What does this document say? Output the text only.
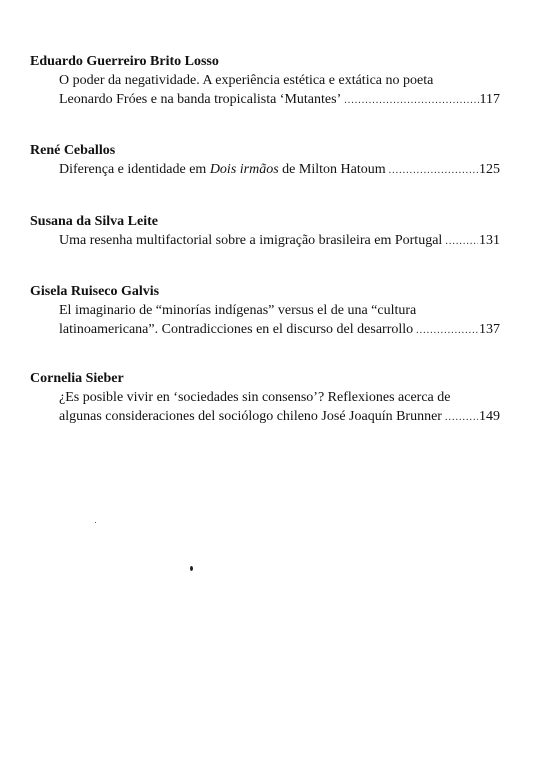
Eduardo Guerreiro Brito Losso
O poder da negatividade. A experiência estética e extática no poeta
Leonardo Fróes e na banda tropicalista ‘Mutantes’ .....	117
René Ceballos
Diferença e identidade em Dois irmãos de Milton Hatoum .....	125
Susana da Silva Leite
Uma resenha multifactorial sobre a imigração brasileira em Portugal .....	131
Gisela Ruiseco Galvis
El imaginario de “minorías indígenas” versus el de una “cultura
latinoamericana”. Contradicciones en el discurso del desarrollo .....	137
Cornelia Sieber
¿Es posible vivir en ‘sociedades sin consenso’? Reflexiones acerca de
algunas consideraciones del sociólogo chileno José Joaquín Brunner .....	149
